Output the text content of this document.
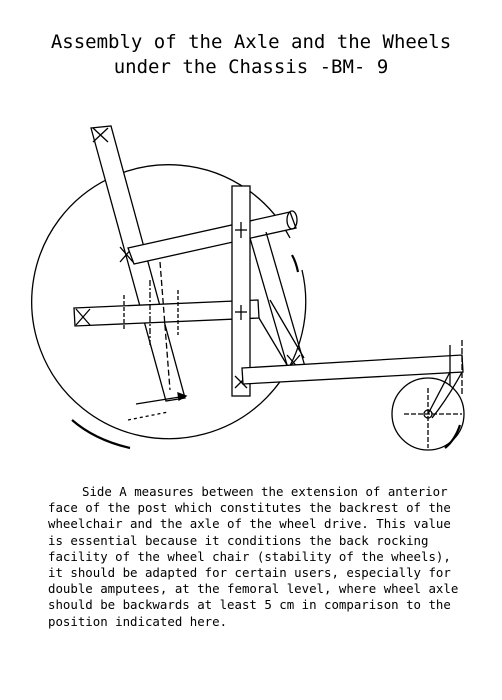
Assembly of the Axle and the Wheels
under the Chassis -BM- 9
Side A measures between the extension of anterior
face of the post which constitutes the backrest of the
wheelchair and the axle of the wheel drive. This value
is essential because it conditions the back rocking
facility of the wheel chair (stability of the wheels),
it should be adapted for certain users, especially for
double amputees, at the femoral level, where wheel axle
should be backwards at least 5 cm in comparison to the
position indicated here.
